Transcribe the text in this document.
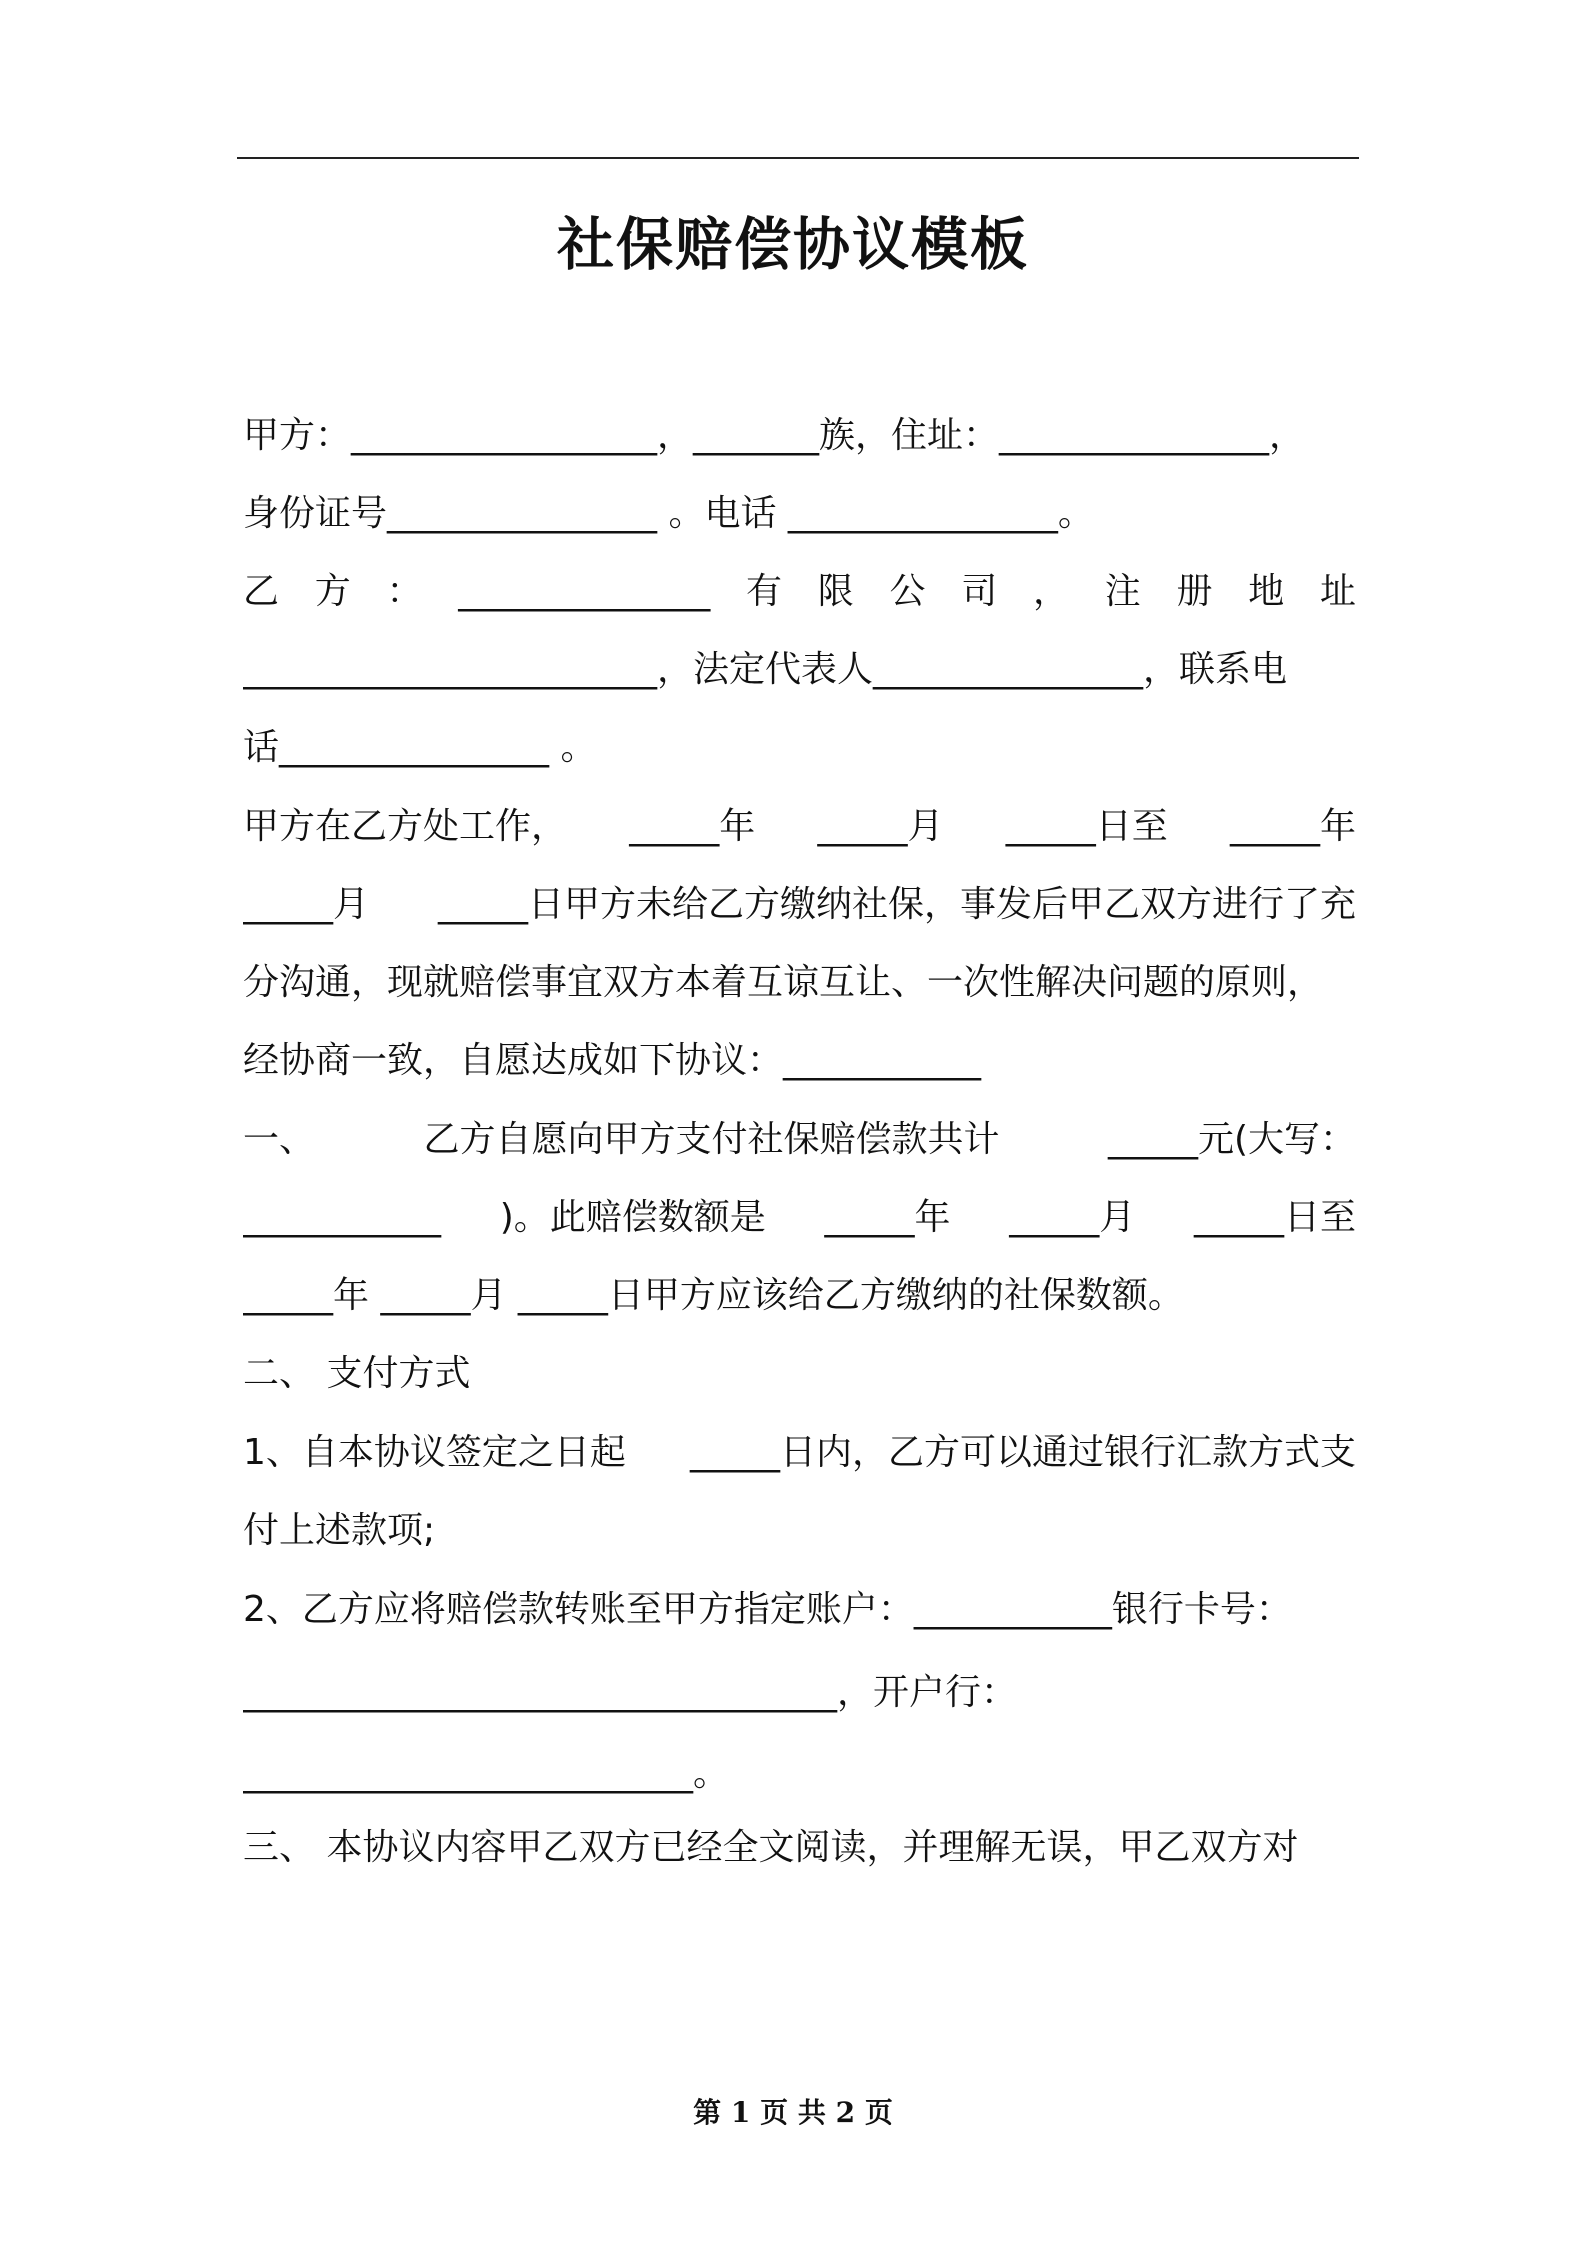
社保赔偿协议模板
甲方：_________________，_______族，住址：_______________，
身份证号_______________ 。电话 _______________。
乙 方 ： ______________ 有 限 公 司 ， 注 册 地 址
_______________________，法定代表人_______________，联系电
话_______________ 。
甲方在乙方处工作， _____年 _____月 _____日至 _____年
_____月 _____日甲方未给乙方缴纳社保，事发后甲乙双方进行了充
分沟通，现就赔偿事宜双方本着互谅互让、一次性解决问题的原则，
经协商一致，自愿达成如下协议：___________
一、	乙方自愿向甲方支付社保赔偿款共计	_____元(大写：
___________ )。此赔偿数额是 _____年 _____月 _____日至
_____年 _____月 _____日甲方应该给乙方缴纳的社保数额。
二、 支付方式
1、自本协议签定之日起 _____日内，乙方可以通过银行汇款方式支
付上述款项;
2、乙方应将赔偿款转账至甲方指定账户：___________银行卡号：
_________________________________，开户行：
_________________________。
三、 本协议内容甲乙双方已经全文阅读，并理解无误，甲乙双方对
第 1 页 共 2 页
